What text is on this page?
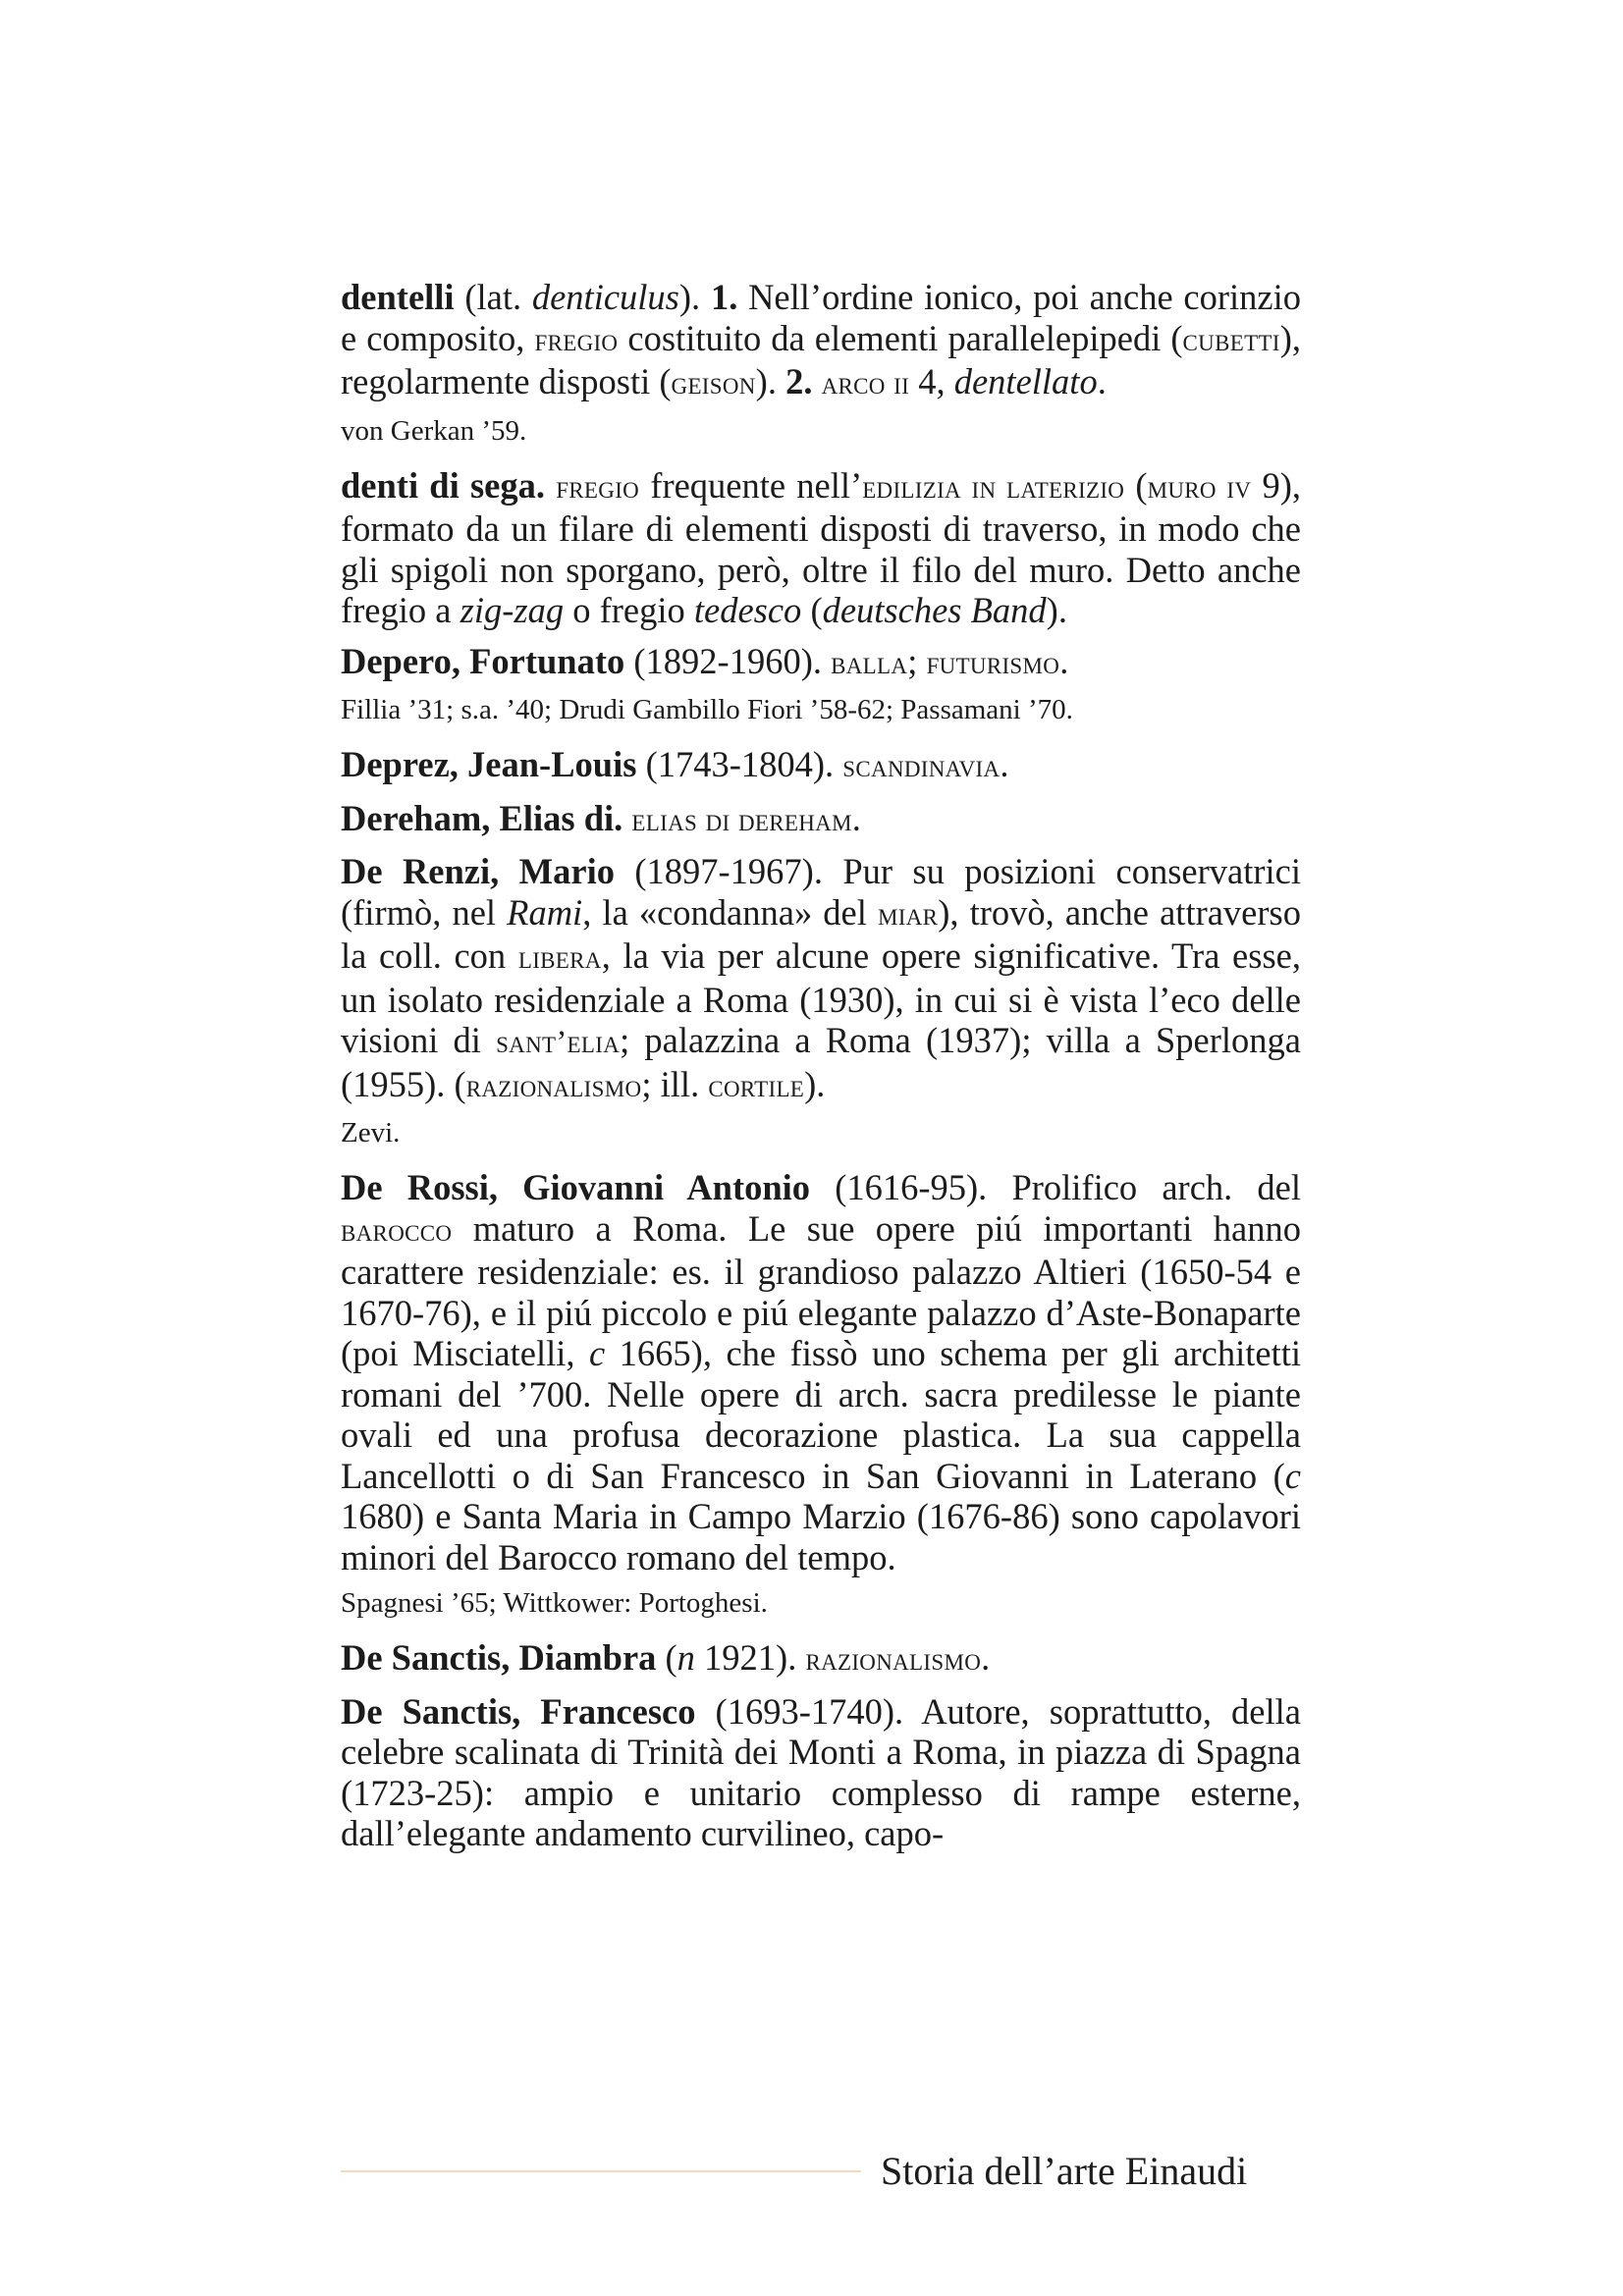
dentelli (lat. denticulus). 1. Nell’ordine ionico, poi anche corinzio e composito, fregio costituito da elementi parallelepipedi (cubetti), regolarmente disposti (geison). 2. arco ii 4, dentellato.

von Gerkan ’59.

denti di sega. fregio frequente nell’edilizia in laterizio (muro iv 9), formato da un filare di elementi disposti di traverso, in modo che gli spigoli non sporgano, però, oltre il filo del muro. Detto anche fregio a zig-zag o fregio tedesco (deutsches Band).

Depero, Fortunato (1892-1960). balla; futurismo.

Fillia ’31; s.a. ’40; Drudi Gambillo Fiori ’58-62; Passamani ’70.

Deprez, Jean-Louis (1743-1804). scandinavia.

Dereham, Elias di. elias di dereham.

De Renzi, Mario (1897-1967). Pur su posizioni conservatrici (firmò, nel Rami, la «condanna» del miar), trovò, anche attraverso la coll. con libera, la via per alcune opere significative. Tra esse, un isolato residenziale a Roma (1930), in cui si è vista l’eco delle visioni di sant’elia; palazzina a Roma (1937); villa a Sperlonga (1955). (razionalismo; ill. cortile).

Zevi.

De Rossi, Giovanni Antonio (1616-95). Prolifico arch. del barocco maturo a Roma. Le sue opere piú importanti hanno carattere residenziale: es. il grandioso palazzo Altieri (1650-54 e 1670-76), e il piú piccolo e piú elegante palazzo d’Aste-Bonaparte (poi Misciatelli, c 1665), che fissò uno schema per gli architetti romani del ’700. Nelle opere di arch. sacra predilesse le piante ovali ed una profusa decorazione plastica. La sua cappella Lancellotti o di San Francesco in San Giovanni in Laterano (c 1680) e Santa Maria in Campo Marzio (1676-86) sono capolavori minori del Barocco romano del tempo.

Spagnesi ’65; Wittkower: Portoghesi.

De Sanctis, Diambra (n 1921). razionalismo.

De Sanctis, Francesco (1693-1740). Autore, soprattutto, della celebre scalinata di Trinità dei Monti a Roma, in piazza di Spagna (1723-25): ampio e unitario complesso di rampe esterne, dall’elegante andamento curvilineo, capo-

Storia dell’arte Einaudi
